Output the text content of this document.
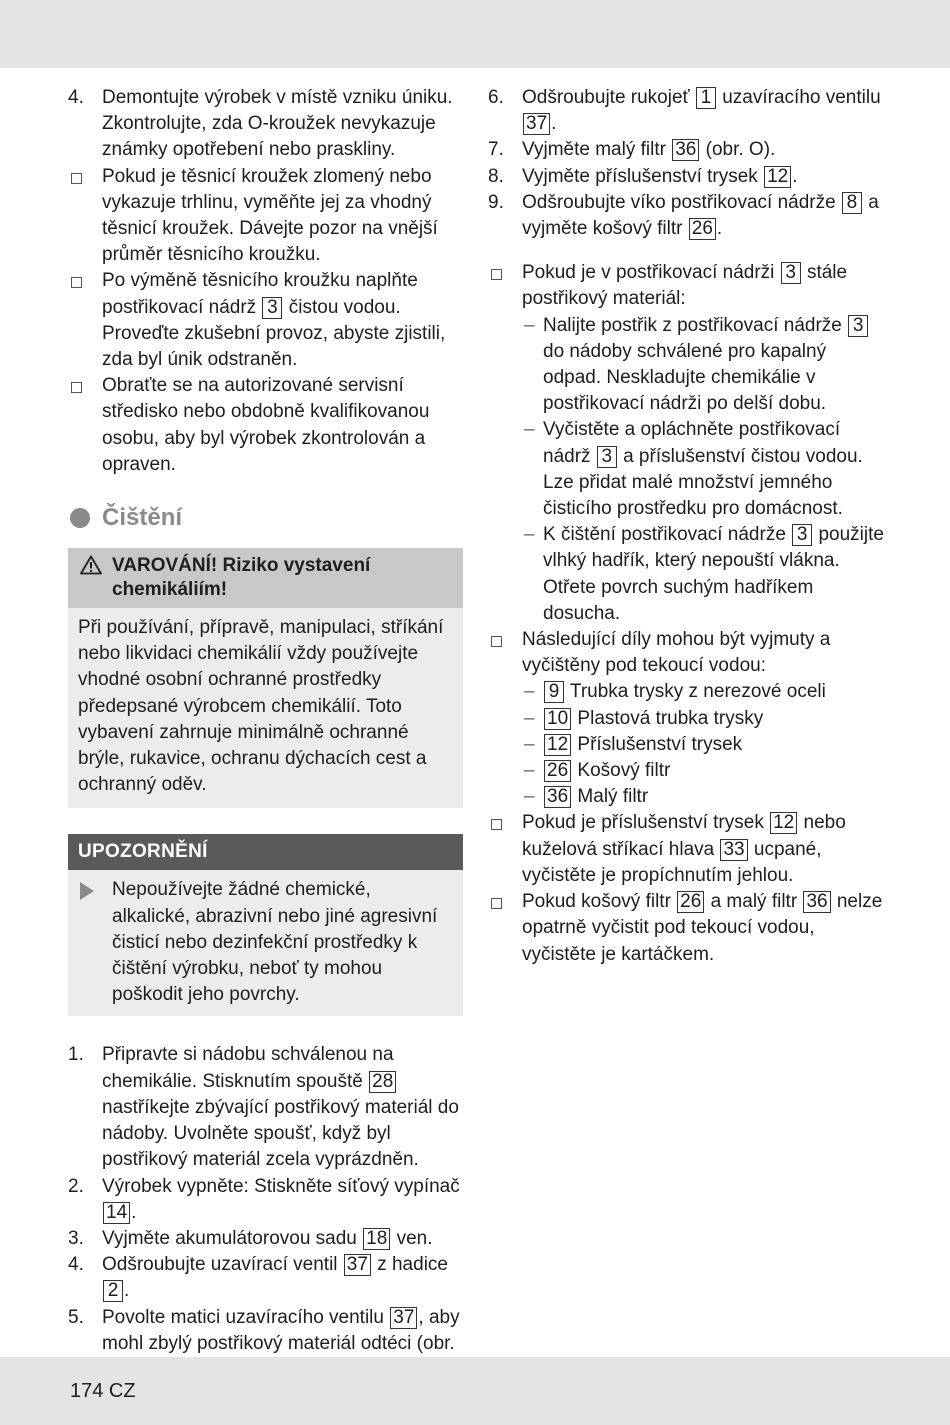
4. Demontujte výrobek v místě vzniku úniku. Zkontrolujte, zda O-kroužek nevykazuje známky opotřebení nebo praskliny.
Pokud je těsnicí kroužek zlomený nebo vykazuje trhlinu, vyměňte jej za vhodný těsnicí kroužek. Dávejte pozor na vnější průměr těsnicího kroužku.
Po výměně těsnicího kroužku naplňte postřikovací nádrž 3 čistou vodou. Proveďte zkušební provoz, abyste zjistili, zda byl únik odstraněn.
Obraťte se na autorizované servisní středisko nebo obdobně kvalifikovanou osobu, aby byl výrobek zkontrolován a opraven.
Čištění
VAROVÁNÍ! Riziko vystavení chemikáliím!
Při používání, přípravě, manipulaci, stříkání nebo likvidaci chemikálií vždy používejte vhodné osobní ochranné prostředky předepsané výrobcem chemikálií. Toto vybavení zahrnuje minimálně ochranné brýle, rukavice, ochranu dýchacích cest a ochranný oděv.
UPOZORNĚNÍ
Nepoužívejte žádné chemické, alkalické, abrazivní nebo jiné agresivní čisticí nebo dezinfekční prostředky k čištění výrobku, neboť ty mohou poškodit jeho povrchy.
1. Připravte si nádobu schválenou na chemikálie. Stisknutím spouště 28 nastříkejte zbývající postřikový materiál do nádoby. Uvolněte spoušť, když byl postřikový materiál zcela vyprázdněn.
2. Výrobek vypněte: Stiskněte síťový vypínač 14 .
3. Vyjměte akumulátorovou sadu 18 ven.
4. Odšroubujte uzavírací ventil 37 z hadice 2 .
5. Povolte matici uzavíracího ventilu 37 , aby mohl zbylý postřikový materiál odtéci (obr.
6. Odšroubujte rukojeť 1 uzavíracího ventilu 37 .
7. Vyjměte malý filtr 36 (obr. O).
8. Vyjměte příslušenství trysek 12 .
9. Odšroubujte víko postřikovací nádrže 8 a vyjměte košový filtr 26 .
Pokud je v postřikovací nádrži 3 stále postřikový materiál:
– Nalijte postřik z postřikovací nádrže 3 do nádoby schválené pro kapalný odpad. Neskladujte chemikálie v postřikovací nádrži po delší dobu.
– Vyčistěte a opláchněte postřikovací nádrž 3 a příslušenství čistou vodou. Lze přidat malé množství jemného čisticího prostředku pro domácnost.
– K čištění postřikovací nádrže 3 použijte vlhký hadřík, který nepouští vlákna. Otřete povrch suchým hadříkem dosucha.
Následující díly mohou být vyjmuty a vyčištěny pod tekoucí vodou:
– 9 Trubka trysky z nerezové oceli
– 10 Plastová trubka trysky
– 12 Příslušenství trysek
– 26 Košový filtr
– 36 Malý filtr
Pokud je příslušenství trysek 12 nebo kuželová stříkací hlava 33 ucpané, vyčistěte je propíchnutím jehlou.
Pokud košový filtr 26 a malý filtr 36 nelze opatrně vyčistit pod tekoucí vodou, vyčistěte je kartáčkem.
174 CZ
